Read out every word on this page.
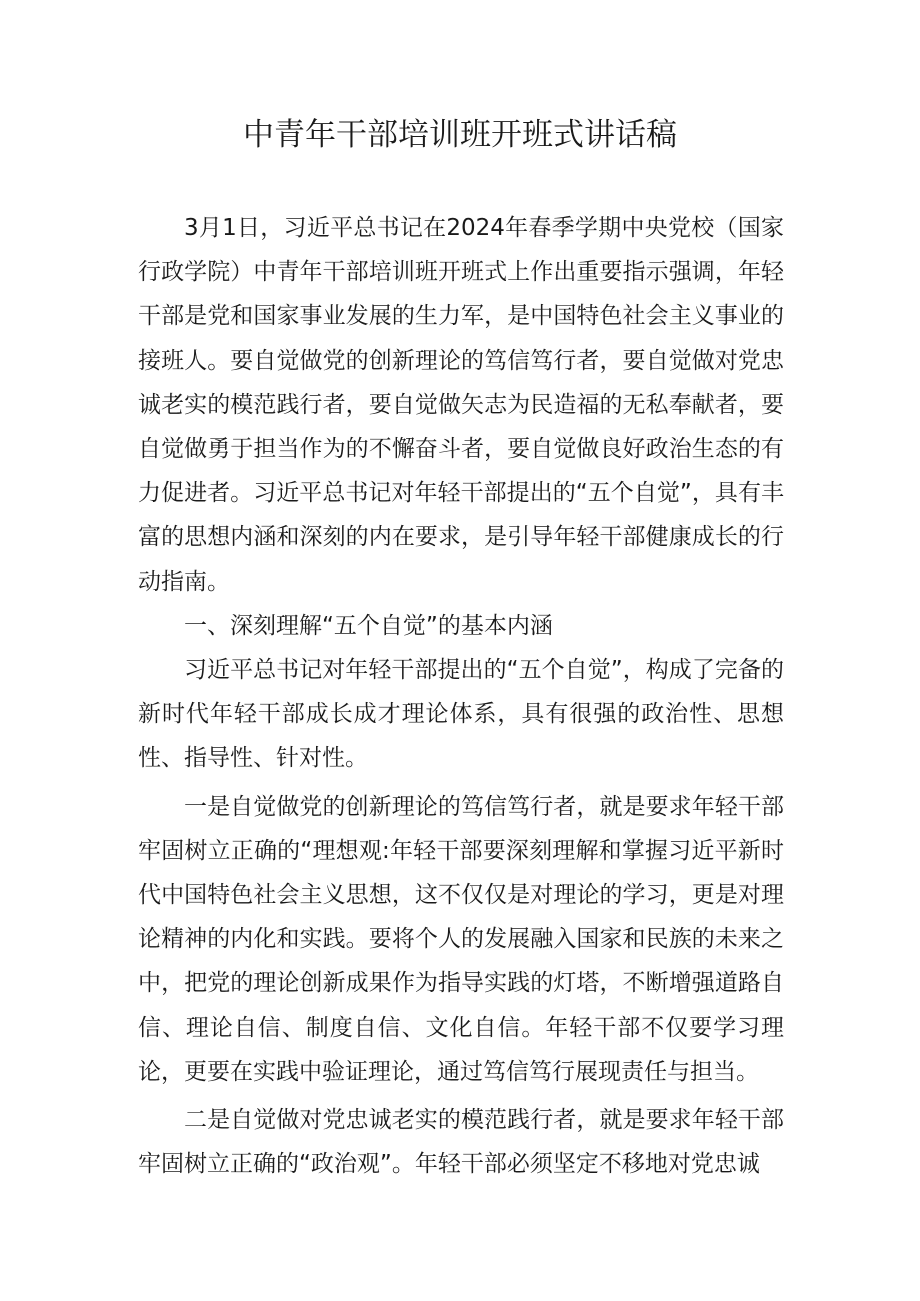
中青年干部培训班开班式讲话稿

3月1日，习近平总书记在2024年春季学期中央党校（国家行政学院）中青年干部培训班开班式上作出重要指示强调，年轻干部是党和国家事业发展的生力军，是中国特色社会主义事业的接班人。要自觉做党的创新理论的笃信笃行者，要自觉做对党忠诚老实的模范践行者，要自觉做矢志为民造福的无私奉献者，要自觉做勇于担当作为的不懈奋斗者，要自觉做良好政治生态的有力促进者。习近平总书记对年轻干部提出的“五个自觉”，具有丰富的思想内涵和深刻的内在要求，是引导年轻干部健康成长的行动指南。

一、深刻理解“五个自觉”的基本内涵

习近平总书记对年轻干部提出的“五个自觉”，构成了完备的新时代年轻干部成长成才理论体系，具有很强的政治性、思想性、指导性、针对性。

一是自觉做党的创新理论的笃信笃行者，就是要求年轻干部牢固树立正确的“理想观:年轻干部要深刻理解和掌握习近平新时代中国特色社会主义思想，这不仅仅是对理论的学习，更是对理论精神的内化和实践。要将个人的发展融入国家和民族的未来之中，把党的理论创新成果作为指导实践的灯塔，不断增强道路自信、理论自信、制度自信、文化自信。年轻干部不仅要学习理论，更要在实践中验证理论，通过笃信笃行展现责任与担当。

二是自觉做对党忠诚老实的模范践行者，就是要求年轻干部牢固树立正确的“政治观”。年轻干部必须坚定不移地对党忠诚
